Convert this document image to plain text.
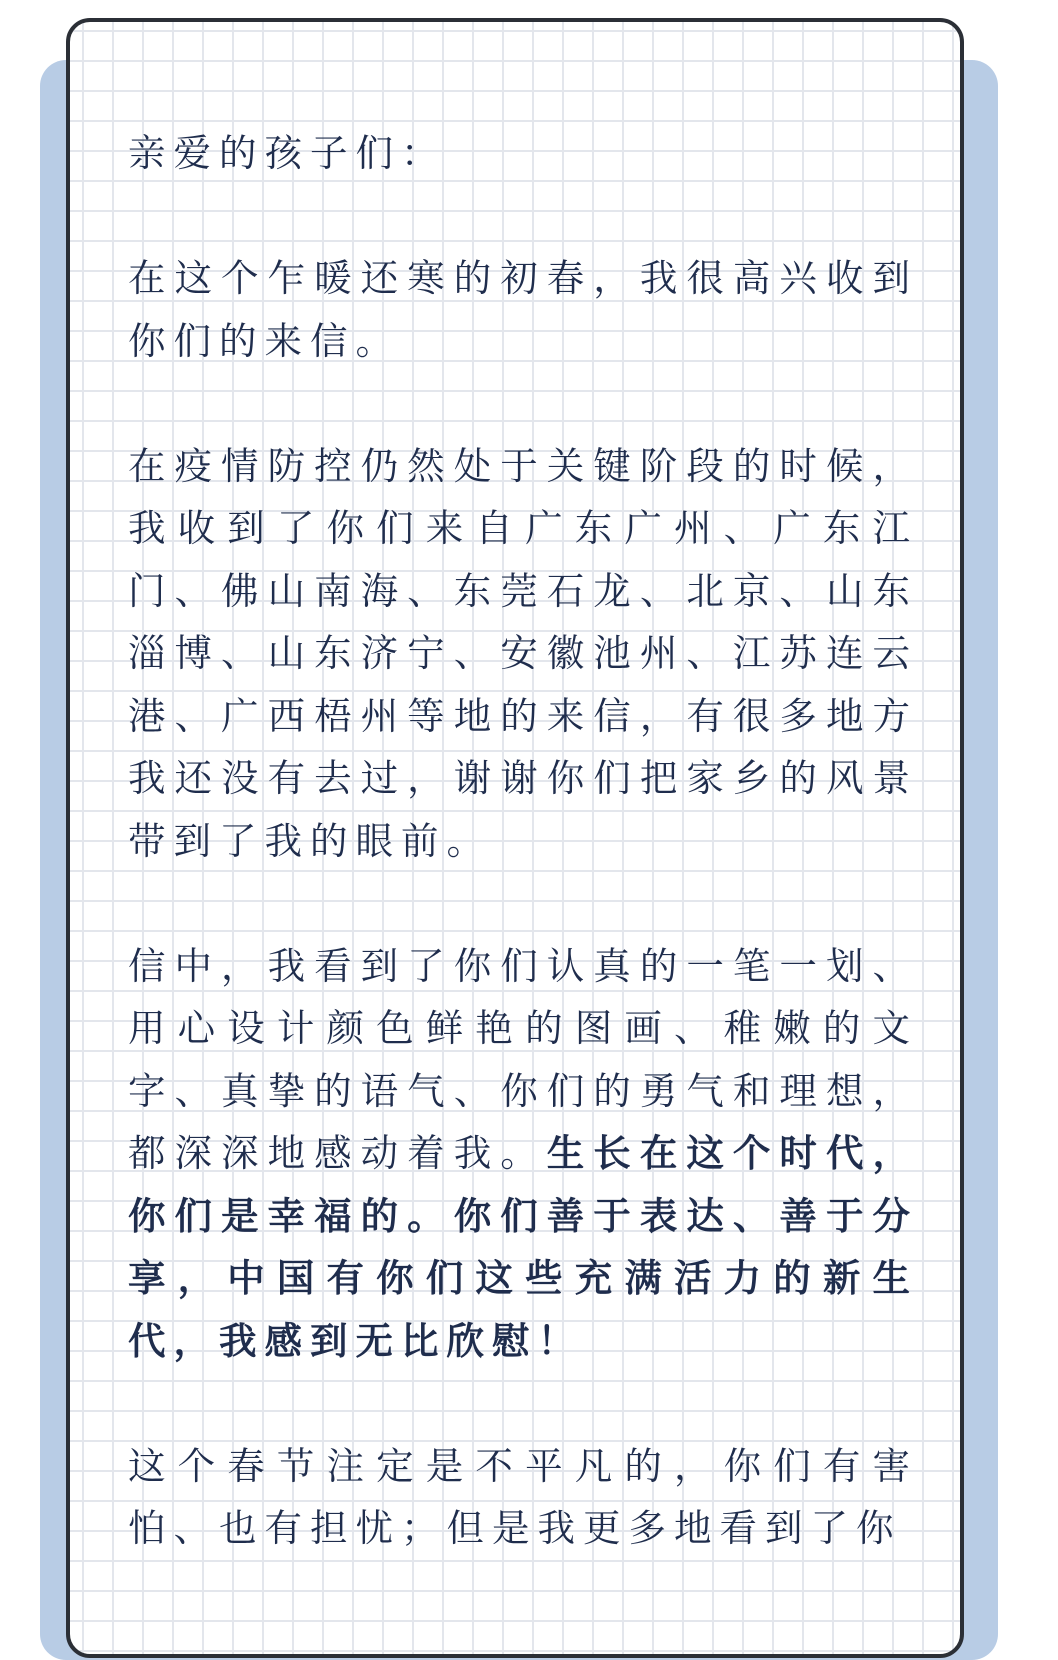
亲爱的孩子们：

在这个乍暖还寒的初春，我很高兴收到你们的来信。

在疫情防控仍然处于关键阶段的时候，我收到了你们来自广东广州、广东江门、佛山南海、东莞石龙、北京、山东淄博、山东济宁、安徽池州、江苏连云港、广西梧州等地的来信，有很多地方我还没有去过，谢谢你们把家乡的风景带到了我的眼前。

信中，我看到了你们认真的一笔一划、用心设计颜色鲜艳的图画、稚嫩的文字、真挚的语气、你们的勇气和理想，都深深地感动着我。生长在这个时代，你们是幸福的。你们善于表达、善于分享，中国有你们这些充满活力的新生代，我感到无比欣慰！

这个春节注定是不平凡的，你们有害怕、也有担忧；但是我更多地看到了你
